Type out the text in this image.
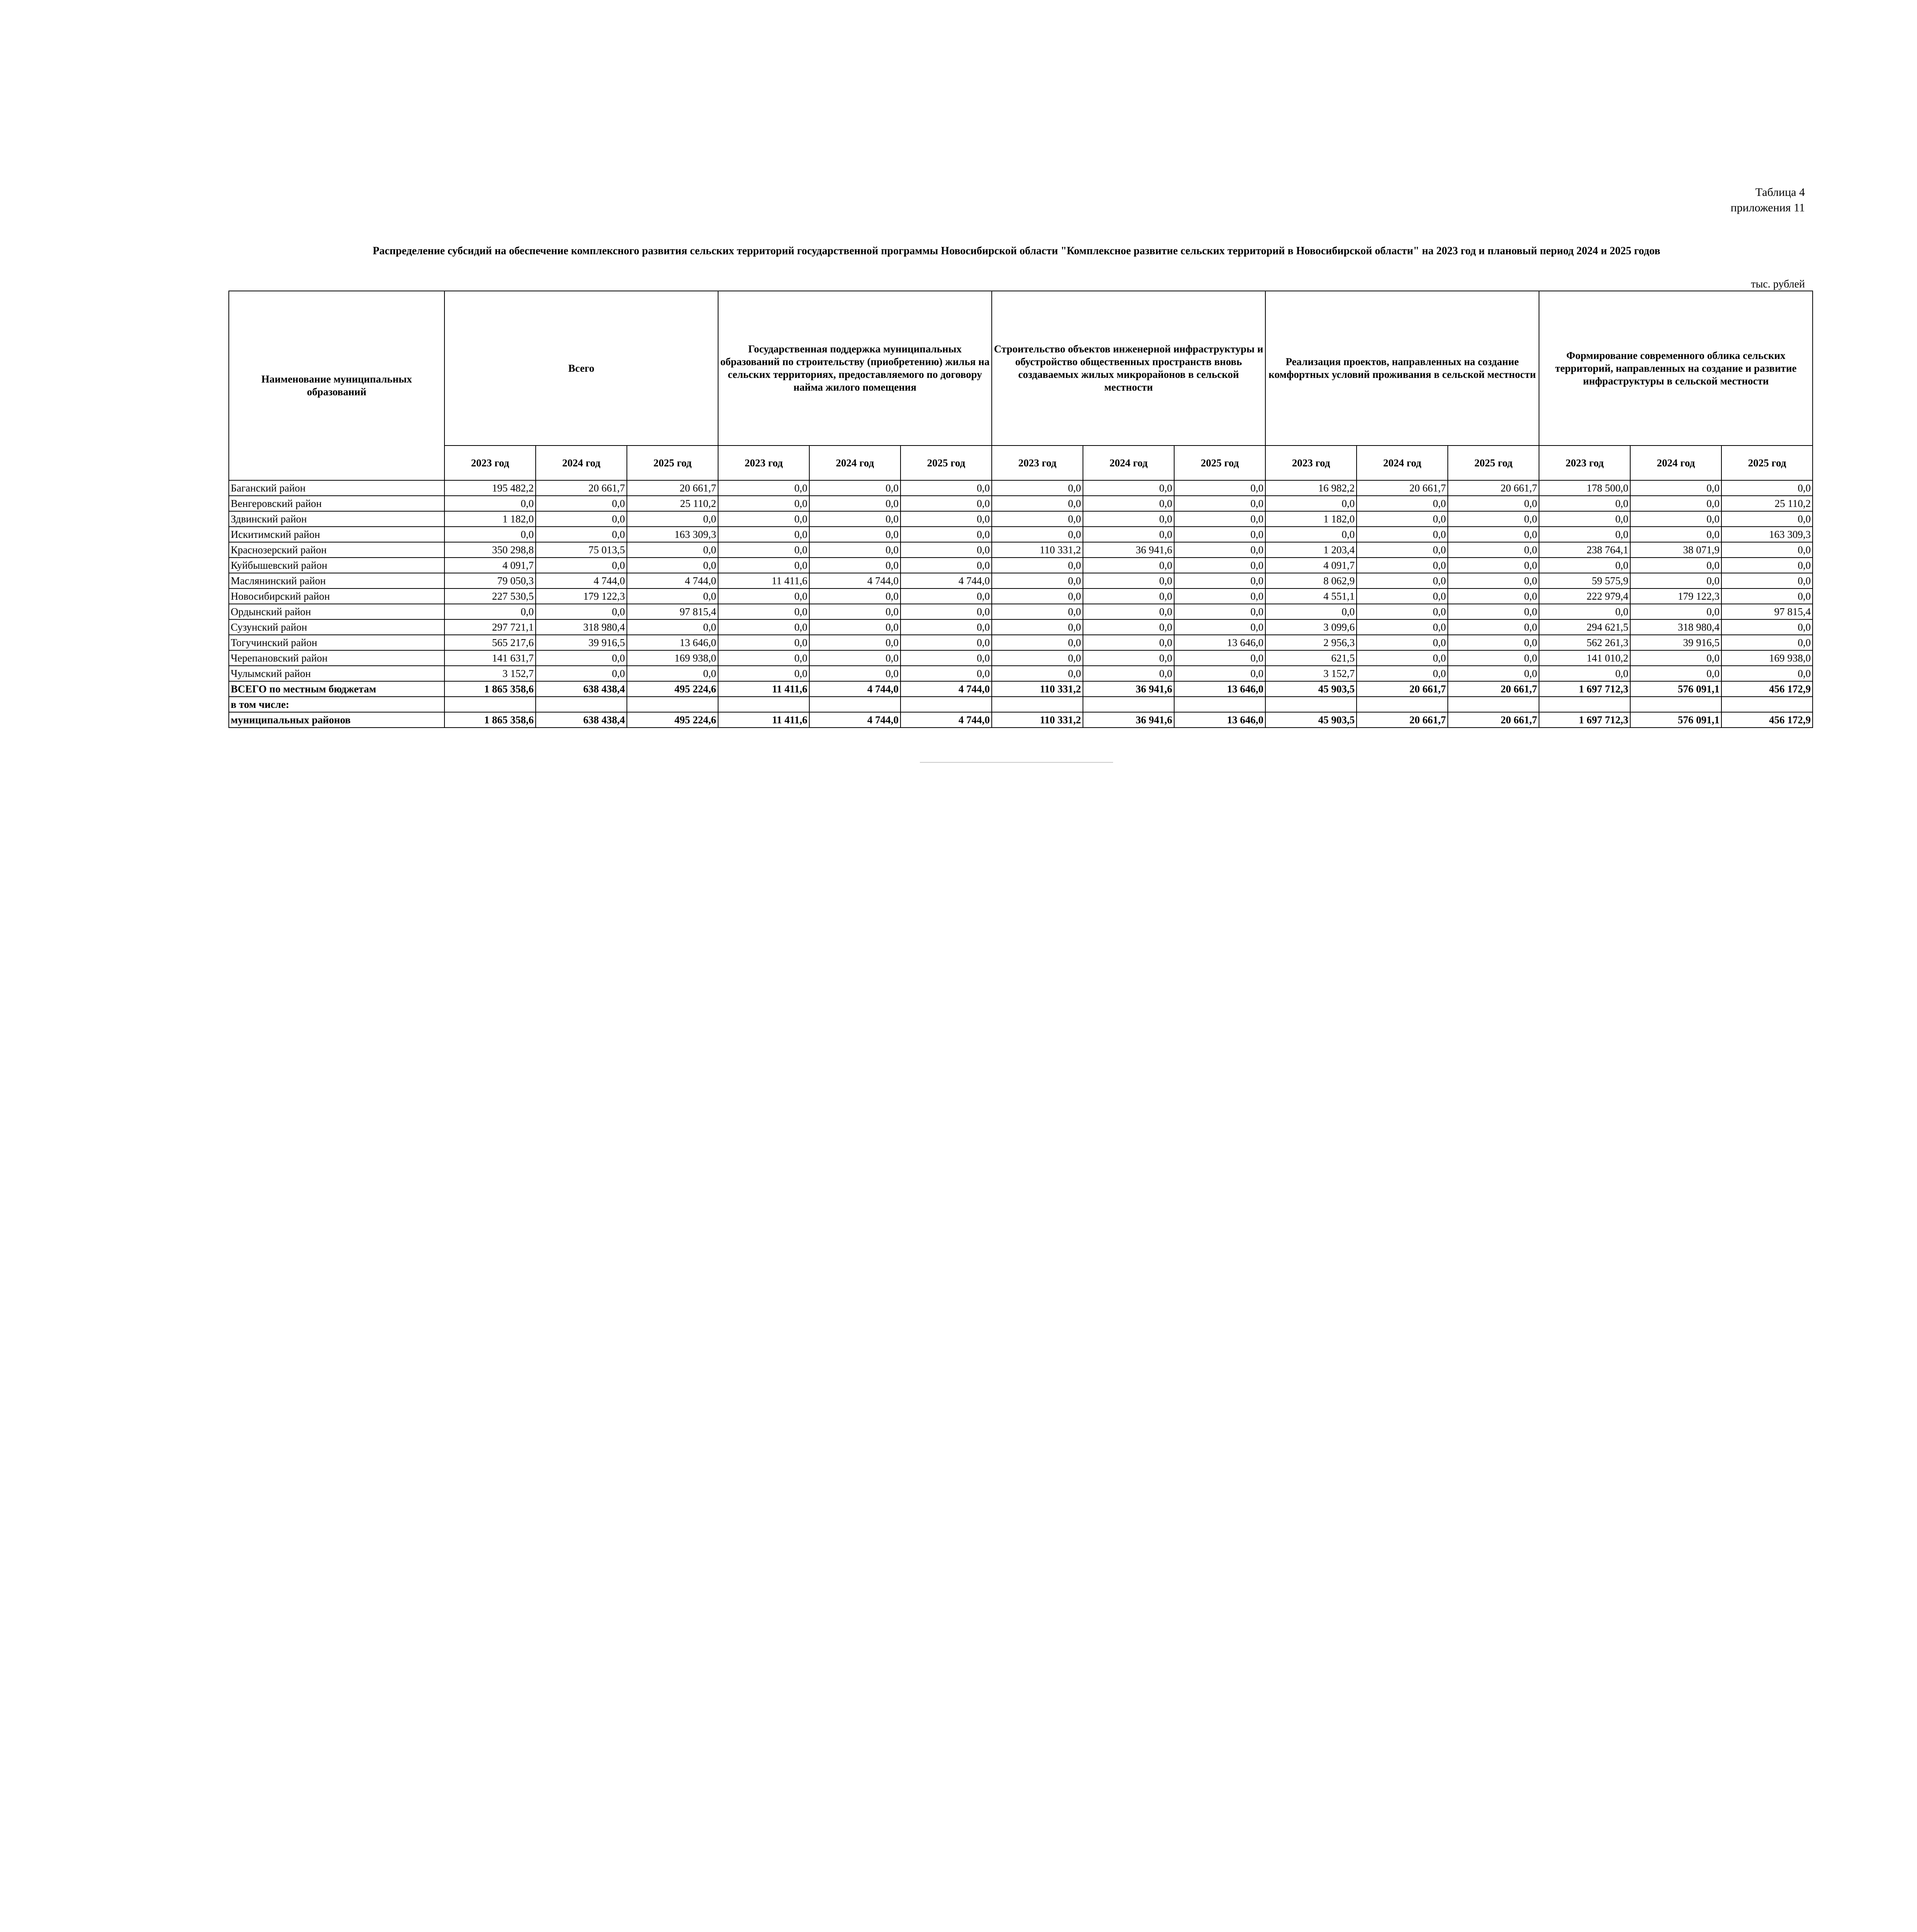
Таблица 4
приложения 11
Распределение субсидий на обеспечение комплексного развития сельских территорий государственной программы Новосибирской области "Комплексное развитие сельских территорий в Новосибирской области" на 2023 год и плановый период 2024 и 2025 годов
тыс. рублей
Наименование муниципальных образований	Всего			Государственная поддержка муниципальных образований по строительству (приобретению) жилья на сельских территориях, предоставляемого по договору найма жилого помещения			Строительство объектов инженерной инфраструктуры и обустройство общественных пространств вновь создаваемых жилых микрорайонов в сельской местности			Реализация проектов, направленных на создание комфортных условий проживания в сельской местности			Формирование современного облика сельских территорий, направленных на создание и развитие инфраструктуры в сельской местности		
	2023 год	2024 год	2025 год	2023 год	2024 год	2025 год	2023 год	2024 год	2025 год	2023 год	2024 год	2025 год	2023 год	2024 год	2025 год
Баганский район	195 482,2	20 661,7	20 661,7	0,0	0,0	0,0	0,0	0,0	0,0	16 982,2	20 661,7	20 661,7	178 500,0	0,0	0,0
Венгеровский район	0,0	0,0	25 110,2	0,0	0,0	0,0	0,0	0,0	0,0	0,0	0,0	0,0	0,0	0,0	25 110,2
Здвинский район	1 182,0	0,0	0,0	0,0	0,0	0,0	0,0	0,0	0,0	1 182,0	0,0	0,0	0,0	0,0	0,0
Искитимский район	0,0	0,0	163 309,3	0,0	0,0	0,0	0,0	0,0	0,0	0,0	0,0	0,0	0,0	0,0	163 309,3
Краснозерский район	350 298,8	75 013,5	0,0	0,0	0,0	0,0	110 331,2	36 941,6	0,0	1 203,4	0,0	0,0	238 764,1	38 071,9	0,0
Куйбышевский район	4 091,7	0,0	0,0	0,0	0,0	0,0	0,0	0,0	0,0	4 091,7	0,0	0,0	0,0	0,0	0,0
Маслянинский район	79 050,3	4 744,0	4 744,0	11 411,6	4 744,0	4 744,0	0,0	0,0	0,0	8 062,9	0,0	0,0	59 575,9	0,0	0,0
Новосибирский район	227 530,5	179 122,3	0,0	0,0	0,0	0,0	0,0	0,0	0,0	4 551,1	0,0	0,0	222 979,4	179 122,3	0,0
Ордынский район	0,0	0,0	97 815,4	0,0	0,0	0,0	0,0	0,0	0,0	0,0	0,0	0,0	0,0	0,0	97 815,4
Сузунский район	297 721,1	318 980,4	0,0	0,0	0,0	0,0	0,0	0,0	0,0	3 099,6	0,0	0,0	294 621,5	318 980,4	0,0
Тогучинский район	565 217,6	39 916,5	13 646,0	0,0	0,0	0,0	0,0	0,0	13 646,0	2 956,3	0,0	0,0	562 261,3	39 916,5	0,0
Черепановский район	141 631,7	0,0	169 938,0	0,0	0,0	0,0	0,0	0,0	0,0	621,5	0,0	0,0	141 010,2	0,0	169 938,0
Чулымский район	3 152,7	0,0	0,0	0,0	0,0	0,0	0,0	0,0	0,0	3 152,7	0,0	0,0	0,0	0,0	0,0
ВСЕГО по местным бюджетам	1 865 358,6	638 438,4	495 224,6	11 411,6	4 744,0	4 744,0	110 331,2	36 941,6	13 646,0	45 903,5	20 661,7	20 661,7	1 697 712,3	576 091,1	456 172,9
в том числе:															
муниципальных районов	1 865 358,6	638 438,4	495 224,6	11 411,6	4 744,0	4 744,0	110 331,2	36 941,6	13 646,0	45 903,5	20 661,7	20 661,7	1 697 712,3	576 091,1	456 172,9
